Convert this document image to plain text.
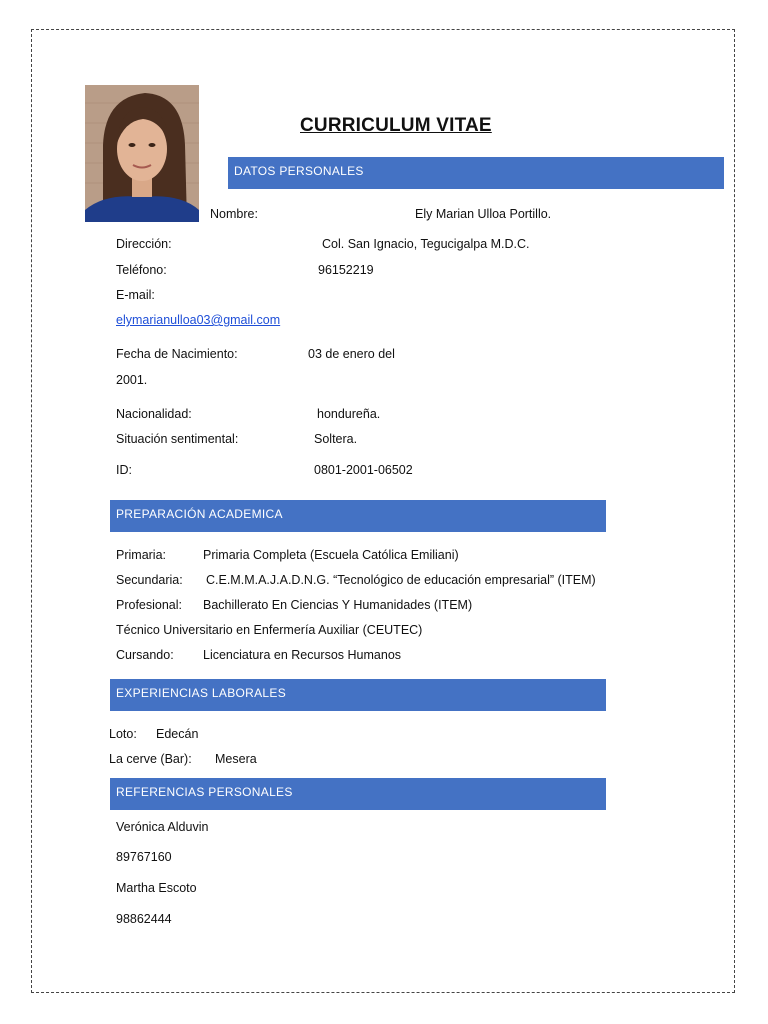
CURRICULUM VITAE
DATOS PERSONALES
Nombre:	Ely Marian Ulloa Portillo.
Dirección:	Col. San Ignacio, Tegucigalpa M.D.C.
Teléfono:	96152219
E-mail:
elymarianulloa03@gmail.com
Fecha de Nacimiento:	03 de enero del
2001.
Nacionalidad:	hondureña.
Situación sentimental:	Soltera.
ID:	0801-2001-06502
PREPARACIÓN ACADEMICA
Primaria:	Primaria Completa (Escuela Católica Emiliani)
Secundaria: C.E.M.M.A.J.A.D.N.G. “Tecnológico de educación empresarial” (ITEM)
Profesional: Bachillerato En Ciencias Y Humanidades (ITEM)
Técnico Universitario en Enfermería Auxiliar (CEUTEC)
Cursando: Licenciatura en Recursos Humanos
EXPERIENCIAS LABORALES
Loto: Edecán
La cerve (Bar): Mesera
REFERENCIAS PERSONALES
Verónica Alduvin
89767160
Martha Escoto
98862444
